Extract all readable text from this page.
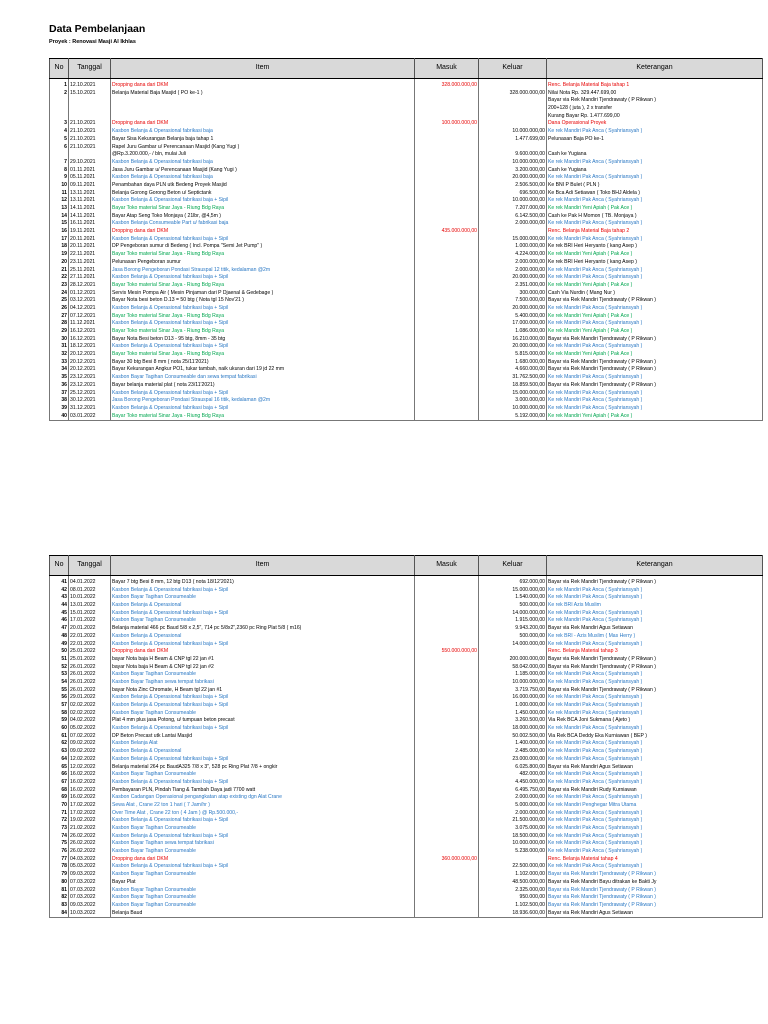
Data Pembelanjaan
Proyek : Renovasi Masji Al Ikhlas
No	Tanggal	Item	Masuk	Keluar	Keterangan

1	12.10.2021	Dropping dana dari DKM	328.000.000,00		Renc. Belanja Material Baja tahap 1
2	15.10.2021	Belanja Material Baja Masjid ( PO ke-1 )		328.000.000,00	Nilai Nota Rp. 329.447.699,00
					Bayar via Rek Mandiri Tjendrawaty ( P Rikwan )
					200+128 ( juta ), 2 x transfer
					Kurang Bayar Rp. 1.477.699,00
3	21.10.2021	Dropping dana dari DKM	100.000.000,00		Dana Operasional Proyek
4	21.10.2021	Kasbon Belanja & Operasional fabrikasi baja		10.000.000,00	Ke rek Mandiri Pak Anca ( Syahriansyah )
5	21.10.2021	Bayar Sisa Kekurangan Belanja baja tahap 1		1.477.699,00	Pelunasan Baja PO ke-1
6	21.10.2021	Rapel Juru Gambar u/ Perencanaan Masjid (Kang Yugi )			
		@Rp.3.200.000,- / bln, mulai Juli		9.600.000,00	Cash ke Yugiana
7	29.10.2021	Kasbon Belanja & Operasional fabrikasi baja		10.000.000,00	Ke rek Mandiri Pak Anca ( Syahriansyah )
8	01.11.2021	Jasa Juru Gambar u/ Perencanaan Masjid (Kang Yugi )		3.200.000,00	Cash ke Yugiana
9	05.11.2021	Kasbon Belanja & Operasional fabrikasi baja		20.000.000,00	Ke rek Mandiri Pak Anca ( Syahriansyah )
10	09.11.2021	Penambahan daya PLN utk Bedeng Proyek Masjid		2.506.500,00	Ke BNI P Bulet ( PLN )
11	13.11.2021	Belanja Gorong Gorong Beton u/ Septictank		696.500,00	Ke Bca Adi Setiawan ( Toko BHJ Aldela )
12	13.11.2021	Kasbon Belanja & Operasional fabrikasi baja + Sipil		10.000.000,00	Ke rek Mandiri Pak Anca ( Syahriansyah )
13	14.11.2021	Bayar Toko material Sinar Jaya - Riung Bdg Raya		7.207.000,00	Ke rek Mandiri Yeni Apiah ( Pak Ace )
14	14.11.2021	Bayar Atap Seng Toko Monjaya ( 21lbr, @4,5m )		6.142.500,00	Cash ke Pak H Momon ( TB. Monjaya )
15	16.11.2021	Kasbon Belanja Consumeable Part u/ fabrikasi baja		2.000.000,00	Ke rek Mandiri Pak Anca ( Syahriansyah )
16	19.11.2021	Dropping dana dari DKM	435.000.000,00		Renc. Belanja Material Baja tahap 2
17	20.11.2021	Kasbon Belanja & Operasional fabrikasi baja + Sipil		15.000.000,00	Ke rek Mandiri Pak Anca ( Syahriansyah )
18	20.11.2021	DP Pengeboran sumur di Bedeng ( Incl. Pompa "Semi Jet Pump" )		1.000.000,00	Ke rek BRI Heri Heryanto ( kang Asep )
19	22.11.2021	Bayar Toko material Sinar Jaya - Riung Bdg Raya		4.224.000,00	Ke rek Mandiri Yeni Apiah ( Pak Ace )
20	23.11.2021	Pelunasan Pengeboran sumur		2.000.000,00	Ke rek BRI Heri Heryanto ( kang Asep )
21	25.11.2021	Jasa Borong Pengeboran Pondasi Strauspal 12 titik, kedalaman @2m		2.000.000,00	Ke rek Mandiri Pak Anca ( Syahriansyah )
22	27.11.2021	Kasbon Belanja & Operasional fabrikasi baja + Sipil		20.000.000,00	Ke rek Mandiri Pak Anca ( Syahriansyah )
23	28.12.2021	Bayar Toko material Sinar Jaya - Riung Bdg Raya		2.351.000,00	Ke rek Mandiri Yeni Apiah ( Pak Ace )
24	01.12.2021	Servis Mesin Pompa Air ( Mesin Pinjaman dari P Djaenal & Gedebage )		300.000,00	Cash Via Nurdin ( Mang Nur )
25	03.12.2021	Bayar Nota besi beton D.13 = 50 btg ( Nota tgl 15 Nov'21 )		7.500.000,00	Bayar via Rek Mandiri Tjendrawaty ( P Rikwan )
26	04.12.2021	Kasbon Belanja & Operasional fabrikasi baja + Sipil		20.000.000,00	Ke rek Mandiri Pak Anca ( Syahriansyah )
27	07.12.2021	Bayar Toko material Sinar Jaya - Riung Bdg Raya		5.400.000,00	Ke rek Mandiri Yeni Apiah ( Pak Ace )
28	11.12.2021	Kasbon Belanja & Operasional fabrikasi baja + Sipil		17.000.000,00	Ke rek Mandiri Pak Anca ( Syahriansyah )
29	16.12.2021	Bayar Toko material Sinar Jaya - Riung Bdg Raya		1.086.000,00	Ke rek Mandiri Yeni Apiah ( Pak Ace )
30	16.12.2021	Bayar Nota Besi beton D13 - 95 btg, 8mm - 35 btg		16.210.000,00	Bayar via Rek Mandiri Tjendrawaty ( P Rikwan )
31	18.12.2021	Kasbon Belanja & Operasional fabrikasi baja + Sipil		20.000.000,00	Ke rek Mandiri Pak Anca ( Syahriansyah )
32	20.12.2021	Bayar Toko material Sinar Jaya - Riung Bdg Raya		5.815.000,00	Ke rek Mandiri Yeni Apiah ( Pak Ace )
33	20.12.2021	Bayar 30 btg Besi 8 mm ( nota 25/11'2021)		1.680.000,00	Bayar via Rek Mandiri Tjendrawaty ( P Rikwan )
34	20.12.2021	Bayar Kekurangan Angkur PO1, tukar tambah, naik ukuran dari 19 jd 22 mm		4.660.000,00	Bayar via Rek Mandiri Tjendrawaty ( P Rikwan )
35	23.12.2021	Kasbon Bayar Tagihan Consumeable dan sewa tempat fabrikasi		31.762.500,00	Ke rek Mandiri Pak Anca ( Syahriansyah )
36	23.12.2021	Bayar belanja material plat ( nota 23/11'2021)		18.859.500,00	Bayar via Rek Mandiri Tjendrawaty ( P Rikwan )
37	25.12.2021	Kasbon Belanja & Operasional fabrikasi baja + Sipil		15.000.000,00	Ke rek Mandiri Pak Anca ( Syahriansyah )
38	30.12.2021	Jasa Borong Pengeboran Pondasi Strauspal 16 titik, kedalaman @2m		3.000.000,00	Ke rek Mandiri Pak Anca ( Syahriansyah )
39	31.12.2021	Kasbon Belanja & Operasional fabrikasi baja + Sipil		10.000.000,00	Ke rek Mandiri Pak Anca ( Syahriansyah )
40	03.01.2022	Bayar Toko material Sinar Jaya - Riung Bdg Raya		5.192.000,00	Ke rek Mandiri Yeni Apiah ( Pak Ace )
No	Tanggal	Item	Masuk	Keluar	Keterangan

41	04.01.2022	Bayar 7 btg Besi 8 mm, 12 btg D13 ( nota 18/12'2021)		692.000,00	Bayar via Rek Mandiri Tjendrawaty ( P Rikwan )
42	08.01.2022	Kasbon Belanja & Operasional fabrikasi baja + Sipil		15.000.000,00	Ke rek Mandiri Pak Anca ( Syahriansyah )
43	10.01.2022	Kasbon Bayar Tagihan Consumeable		1.540.000,00	Ke rek Mandiri Pak Anca ( Syahriansyah )
44	13.01.2022	Kasbon Belanja & Operasional		500.000,00	Ke rek BRI Azis Muslim
45	15.01.2022	Kasbon Belanja & Operasional fabrikasi baja + Sipil		14.000.000,00	Ke rek Mandiri Pak Anca ( Syahriansyah )
46	17.01.2022	Kasbon Bayar Tagihan Consumeable		1.915.000,00	Ke rek Mandiri Pak Anca ( Syahriansyah )
47	20.01.2022	Belanja material 466 pc Baud 5/8 x 2,5", 714 pc 5/8x2",2360 pc Ring Plat 5/8 ( m16)		9.943.200,00	Bayar via Rek Mandiri Agus Setiawan
48	22.01.2022	Kasbon Belanja & Operasional		500.000,00	Ke rek BRI - Azis Muslim ( Mas Herry )
49	22.01.2022	Kasbon Belanja & Operasional fabrikasi baja + Sipil		14.000.000,00	Ke rek Mandiri Pak Anca ( Syahriansyah )
50	25.01.2022	Dropping dana dari DKM	550.000.000,00		Renc. Belanja Material tahap 3
51	25.01.2022	bayar Nota baja H Beam & CNP tgl 22 jan #1		200.000.000,00	Bayar via Rek Mandiri Tjendrawaty ( P Rikwan )
52	26.01.2022	bayar Nota baja H Beam & CNP tgl 22 jan #2		58.042.000,00	Bayar via Rek Mandiri Tjendrawaty ( P Rikwan )
53	26.01.2022	Kasbon Bayar Tagihan Consumeable		1.185.000,00	Ke rek Mandiri Pak Anca ( Syahriansyah )
54	26.01.2022	Kasbon Bayar Tagihan sewa tempat fabrikasi		10.000.000,00	Ke rek Mandiri Pak Anca ( Syahriansyah )
55	26.01.2022	bayar Nota Zinc Chromate, H Beam tgl 22 jan #1		3.719.750,00	Bayar via Rek Mandiri Tjendrawaty ( P Rikwan )
56	29.01.2022	Kasbon Belanja & Operasional fabrikasi baja + Sipil		16.000.000,00	Ke rek Mandiri Pak Anca ( Syahriansyah )
57	02.02.2022	Kasbon Belanja & Operasional fabrikasi baja + Sipil		1.000.000,00	Ke rek Mandiri Pak Anca ( Syahriansyah )
58	02.02.2022	Kasbon Bayar Tagihan Consumeable		1.450.000,00	Ke rek Mandiri Pak Anca ( Syahriansyah )
59	04.02.2022	Plat 4 mm plus jasa Potong, u/ tumpuan beton precast		3.260.500,00	Via Rek BCA Joni Sukmana ( Ajeto )
60	05.02.2022	Kasbon Belanja & Operasional fabrikasi baja + Sipil		18.000.000,00	Ke rek Mandiri Pak Anca ( Syahriansyah )
61	07.02.2022	DP Beton Precast utk Lantai Masjid		50.002.500,00	Via Rek BCA Deddy Eka Kurniawan ( BEP )
62	09.02.2022	Kasbon Belanja Alat		1.400.000,00	Ke rek Mandiri Pak Anca ( Syahriansyah )
63	09.02.2022	Kasbon Belanja & Operasional		2.485.000,00	Ke rek Mandiri Pak Anca ( Syahriansyah )
64	12.02.2022	Kasbon Belanja & Operasional fabrikasi baja + Sipil		23.000.000,00	Ke rek Mandiri Pak Anca ( Syahriansyah )
65	12.02.2022	Belanja material 264 pc BaudA325 7/8 x 3", 528 pc Ring Plat 7/8 + ongkir		6.025.800,00	Bayar via Rek Mandiri Agus Setiawan
66	16.02.2022	Kasbon Bayar Tagihan Consumeable		482.000,00	Ke rek Mandiri Pak Anca ( Syahriansyah )
67	16.02.2022	Kasbon Belanja & Operasional fabrikasi baja + Sipil		4.450.000,00	Ke rek Mandiri Pak Anca ( Syahriansyah )
68	16.02.2022	Pembayaran PLN, Pindah Tiang & Tambah Daya jadi 7700 watt		6.495.750,00	Bayar via Rek Mandiri Rudy Kurniawan
69	16.02.2022	Kasbon Cadangan Operasional pengangkatan atap existing dgn Alat Crane		2.000.000,00	Ke rek Mandiri Pak Anca ( Syahriansyah )
70	17.02.2022	Sewa Alat , Crane 22 ton 1 hari ( 7 Jam/hr )		5.000.000,00	Ke rek Mandiri Penghegar Mitra Utama
71	17.02.2022	Over Time Alat , Crane 22 ton ( 4 Jam ) @ Rp.500.000,-		2.000.000,00	Ke rek Mandiri Pak Anca ( Syahriansyah )
72	19.02.2022	Kasbon Belanja & Operasional fabrikasi baja + Sipil		21.500.000,00	Ke rek Mandiri Pak Anca ( Syahriansyah )
73	21.02.2022	Kasbon Bayar Tagihan Consumeable		3.075.000,00	Ke rek Mandiri Pak Anca ( Syahriansyah )
74	26.02.2022	Kasbon Belanja & Operasional fabrikasi baja + Sipil		18.500.000,00	Ke rek Mandiri Pak Anca ( Syahriansyah )
75	26.02.2022	Kasbon Bayar Tagihan sewa tempat fabrikasi		10.000.000,00	Ke rek Mandiri Pak Anca ( Syahriansyah )
76	26.02.2022	Kasbon Bayar Tagihan Consumeable		5.238.000,00	Ke rek Mandiri Pak Anca ( Syahriansyah )
77	04.03.2022	Dropping dana dari DKM	360.000.000,00		Renc. Belanja Material tahap 4
78	05.03.2022	Kasbon Belanja & Operasional fabrikasi baja + Sipil		22.500.000,00	Ke rek Mandiri Pak Anca ( Syahriansyah )
79	09.03.2022	Kasbon Bayar Tagihan Consumeable		1.102.000,00	Bayar via Rek Mandiri Tjendrawaty ( P Rikwan )
80	07.03.2022	Bayar Plat		48.500.000,00	Bayar via Rek Mandiri Bayu ditrakan ke Bakti Jy
81	07.03.2022	Kasbon Bayar Tagihan Consumeable		2.325.000,00	Bayar via Rek Mandiri Tjendrawaty ( P Rikwan )
82	07.03.2022	Kasbon Bayar Tagihan Consumeable		950.000,00	Bayar via Rek Mandiri Tjendrawaty ( P Rikwan )
83	09.03.2022	Kasbon Bayar Tagihan Consumeable		1.102.500,00	Bayar via Rek Mandiri Tjendrawaty ( P Rikwan )
84	10.03.2022	Belanja Baud		18.936.600,00	Bayar via Rek Mandiri Agus Setiawan
